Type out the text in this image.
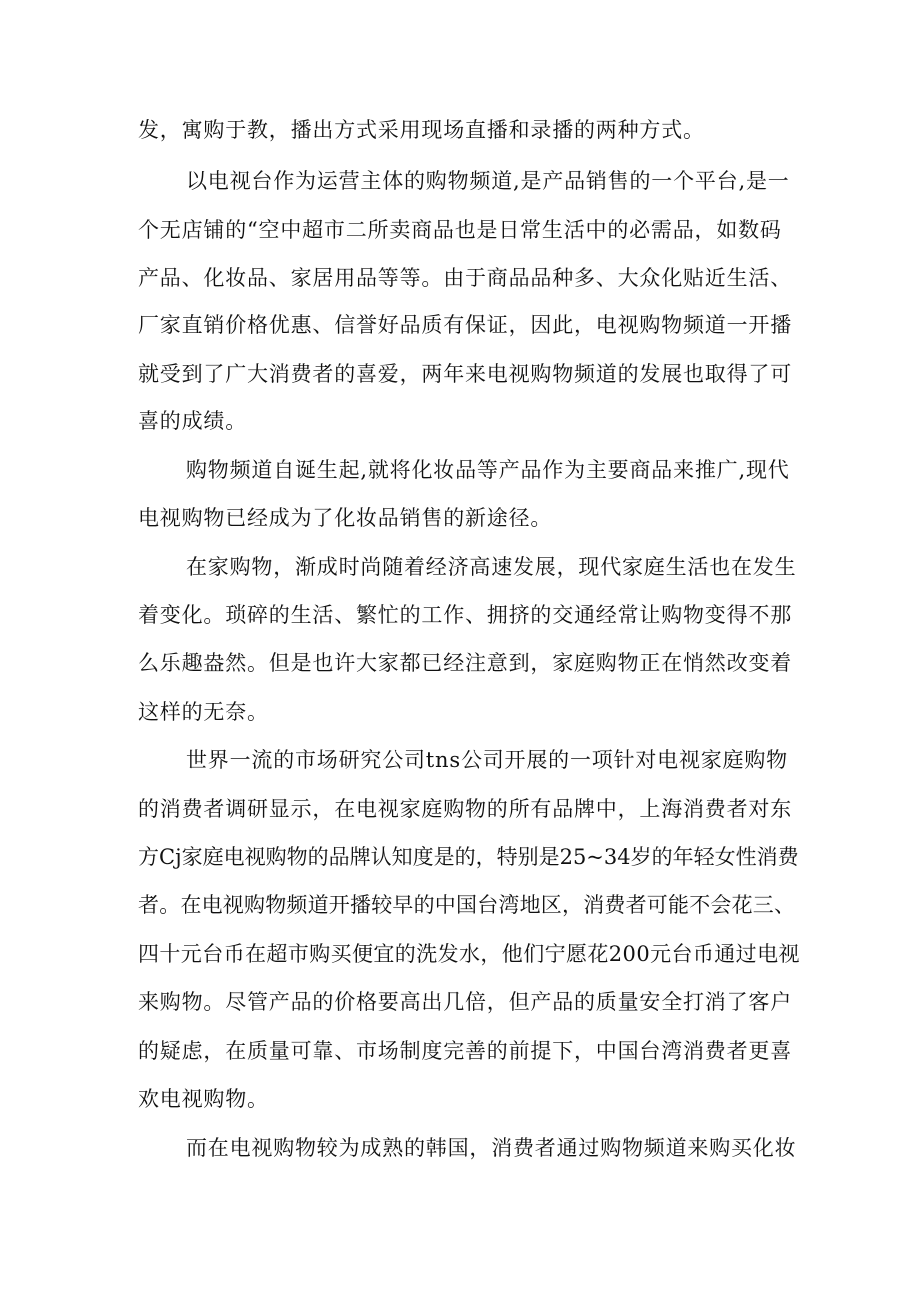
发，寓购于教，播出方式采用现场直播和录播的两种方式。
以电视台作为运营主体的购物频道,是产品销售的一个平台,是一
个无店铺的“空中超市二所卖商品也是日常生活中的必需品，如数码
产品、化妆品、家居用品等等。由于商品品种多、大众化贴近生活、
厂家直销价格优惠、信誉好品质有保证，因此，电视购物频道一开播
就受到了广大消费者的喜爱，两年来电视购物频道的发展也取得了可
喜的成绩。
购物频道自诞生起,就将化妆品等产品作为主要商品来推广,现代
电视购物已经成为了化妆品销售的新途径。
在家购物，渐成时尚随着经济高速发展，现代家庭生活也在发生
着变化。琐碎的生活、繁忙的工作、拥挤的交通经常让购物变得不那
么乐趣盎然。但是也许大家都已经注意到，家庭购物正在悄然改变着
这样的无奈。
世界一流的市场研究公司tns公司开展的一项针对电视家庭购物
的消费者调研显示，在电视家庭购物的所有品牌中，上海消费者对东
方Cj家庭电视购物的品牌认知度是的，特别是25~34岁的年轻女性消费
者。在电视购物频道开播较早的中国台湾地区，消费者可能不会花三、
四十元台币在超市购买便宜的洗发水，他们宁愿花200元台币通过电视
来购物。尽管产品的价格要高出几倍，但产品的质量安全打消了客户
的疑虑，在质量可靠、市场制度完善的前提下，中国台湾消费者更喜
欢电视购物。
而在电视购物较为成熟的韩国，消费者通过购物频道来购买化妆
